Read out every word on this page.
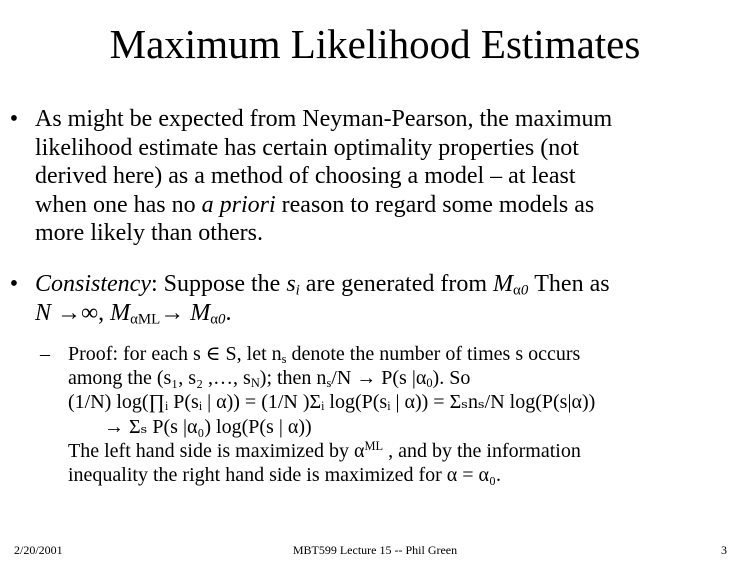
Maximum Likelihood Estimates
• As might be expected from Neyman-Pearson, the maximum
likelihood estimate has certain optimality properties (not
derived here) as a method of choosing a model – at least
when one has no a priori reason to regard some models as
more likely than others.
• Consistency: Suppose the $s_i$ are generated from $M_{\alpha 0}$ Then as
N →∞, $M_{\alpha ML}\to M_{\alpha 0}$.
– Proof: for each s ∈ S, let $n_s$ denote the number of times s occurs
among the (s₁, s₂ ,…, $s_N$); then $n_s/N \to P(s$ $|\alpha_0$). So
(1/N) log(∏ᵢ P(sᵢ | α)) = (1/N )Σᵢ log(P(sᵢ | α)) = Σₛnₛ/N log(P(s|α))
→ Σₛ P(s |α₀) log(P(s | α))
The left hand side is maximized by $\alpha^{ML}$ , and by the information
inequality the right hand side is maximized for α = α₀.
2/20/2001	MBT599 Lecture 15 -- Phil Green	3
